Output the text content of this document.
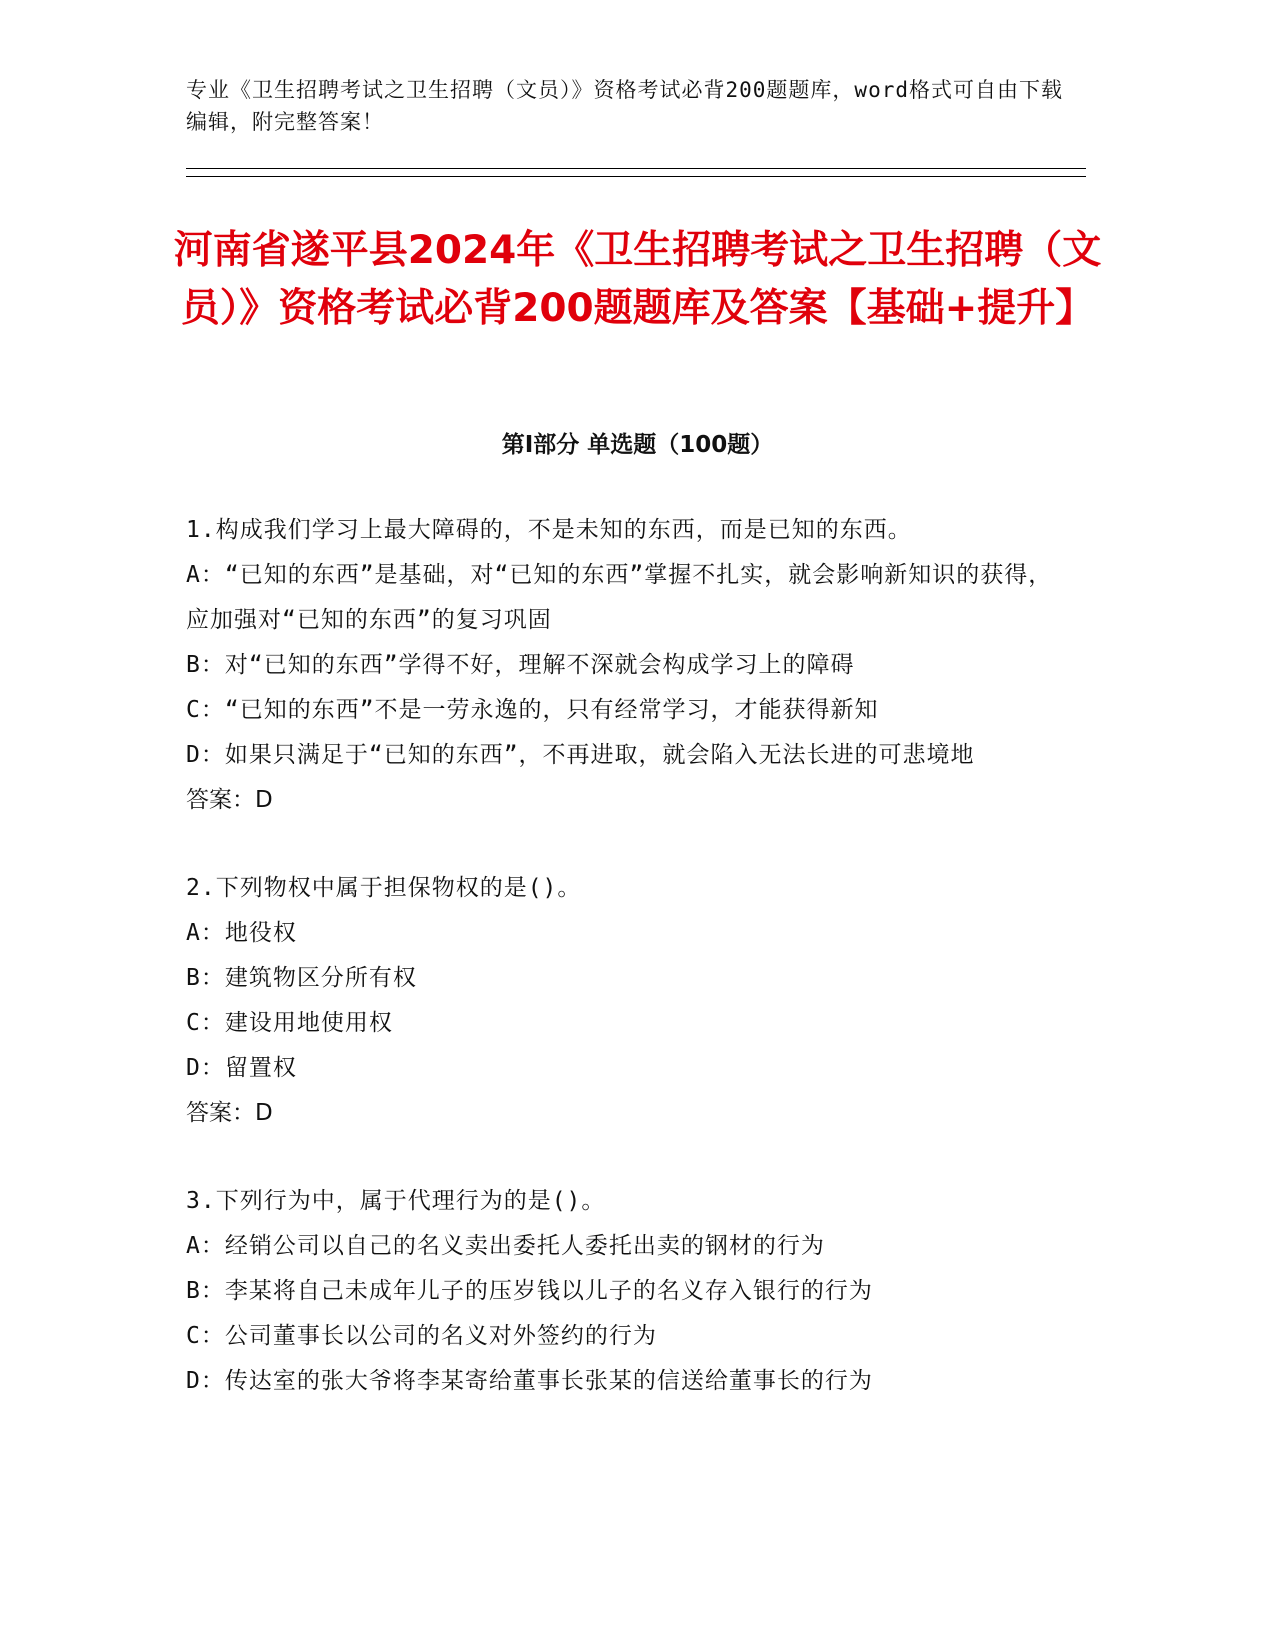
专业《卫生招聘考试之卫生招聘（文员）》资格考试必背200题题库，word格式可自由下载编辑，附完整答案！
河南省遂平县2024年《卫生招聘考试之卫生招聘（文员）》资格考试必背200题题库及答案【基础+提升】
第Ⅰ部分 单选题（100题）
1.构成我们学习上最大障碍的，不是未知的东西，而是已知的东西。
A：“已知的东西”是基础，对“已知的东西”掌握不扎实，就会影响新知识的获得，应加强对“已知的东西”的复习巩固
B：对“已知的东西”学得不好，理解不深就会构成学习上的障碍
C：“已知的东西”不是一劳永逸的，只有经常学习，才能获得新知
D：如果只满足于“已知的东西”，不再进取，就会陷入无法长进的可悲境地
答案：D
2.下列物权中属于担保物权的是()。
A：地役权
B：建筑物区分所有权
C：建设用地使用权
D：留置权
答案：D
3.下列行为中，属于代理行为的是()。
A：经销公司以自己的名义卖出委托人委托出卖的钢材的行为
B：李某将自己未成年儿子的压岁钱以儿子的名义存入银行的行为
C：公司董事长以公司的名义对外签约的行为
D：传达室的张大爷将李某寄给董事长张某的信送给董事长的行为
